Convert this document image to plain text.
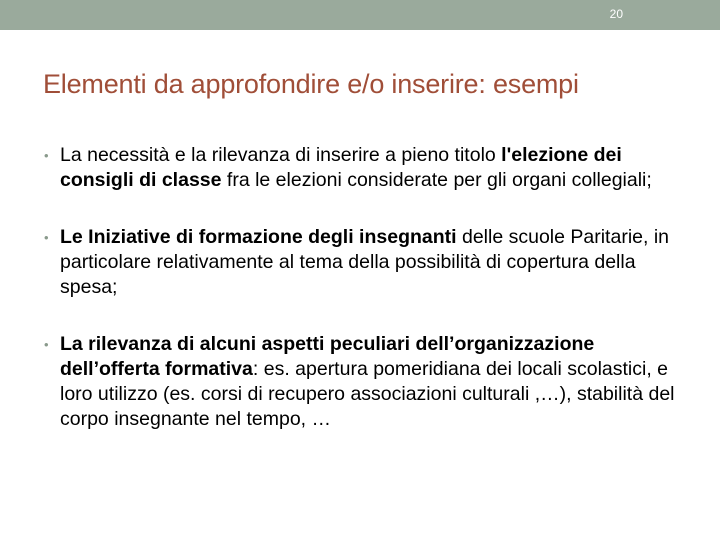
20
Elementi da approfondire e/o inserire: esempi
• La necessità e la rilevanza di inserire a pieno titolo l'elezione dei consigli di classe fra le elezioni considerate per gli organi collegiali;
• Le Iniziative di formazione degli insegnanti delle scuole Paritarie, in particolare relativamente al tema della possibilità di copertura della spesa;
• La rilevanza di alcuni aspetti peculiari dell’organizzazione dell’offerta formativa: es. apertura pomeridiana dei locali scolastici, e loro utilizzo (es. corsi di recupero associazioni culturali ,…), stabilità del corpo insegnante nel tempo, …
